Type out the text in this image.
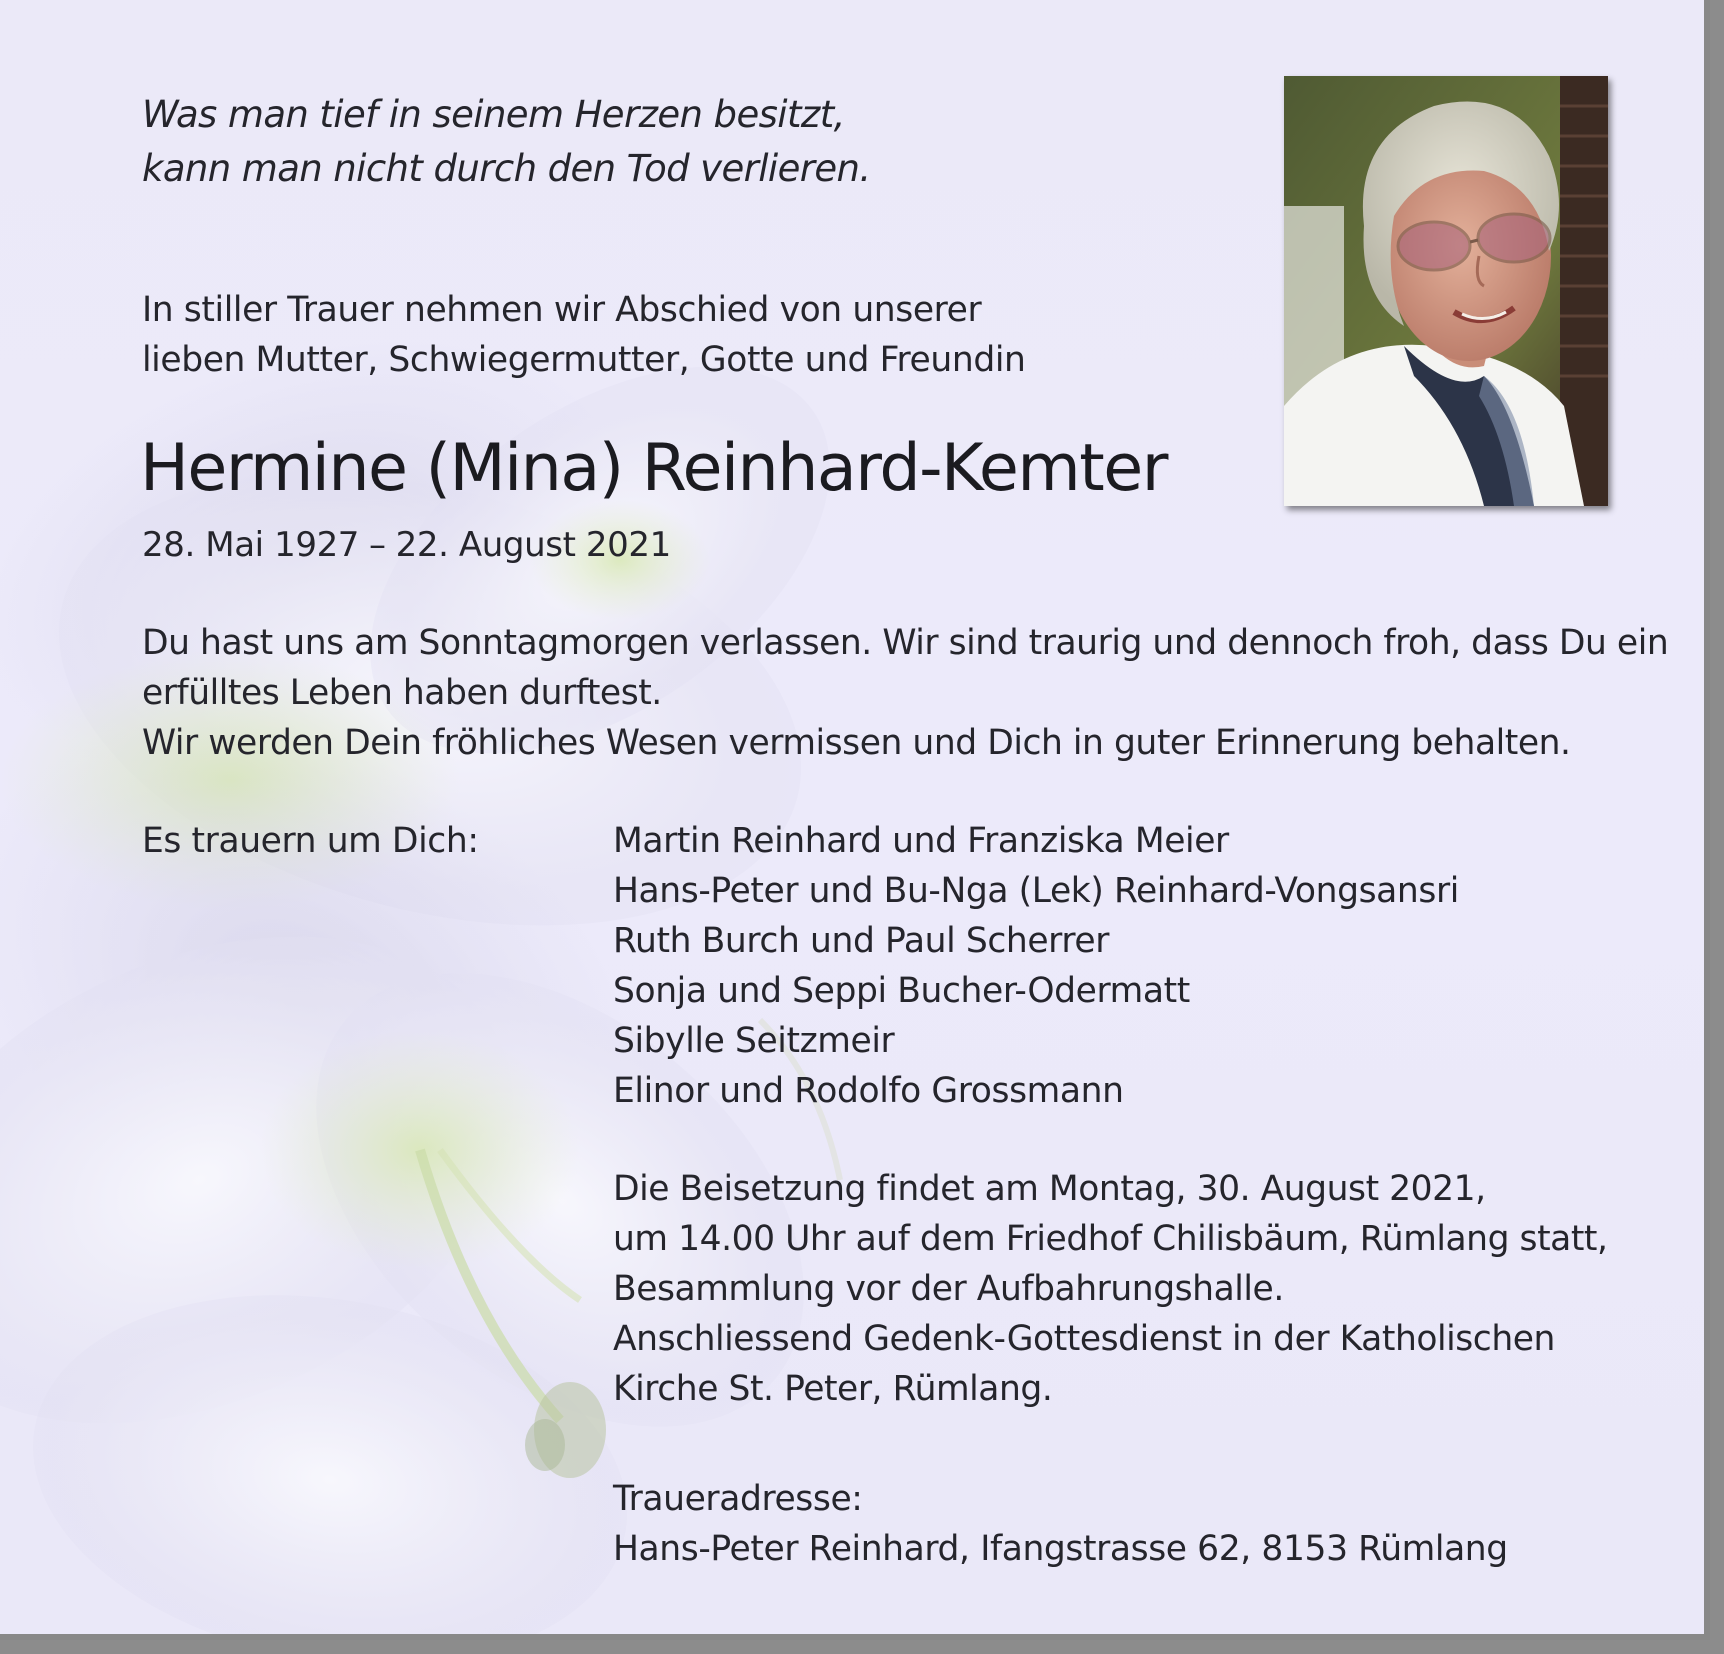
Was man tief in seinem Herzen besitzt,
kann man nicht durch den Tod verlieren.
In stiller Trauer nehmen wir Abschied von unserer
lieben Mutter, Schwiegermutter, Gotte und Freundin
Hermine (Mina) Reinhard-Kemter
28. Mai 1927 – 22. August 2021

Du hast uns am Sonntagmorgen verlassen. Wir sind traurig und dennoch froh, dass Du ein erfülltes Leben haben durftest.

Wir werden Dein fröhliches Wesen vermissen und Dich in guter Erinnerung behalten.

Es trauern um Dich:	Martin Reinhard und Franziska Meier
Hans-Peter und Bu-Nga (Lek) Reinhard-Vongsansri
Ruth Burch und Paul Scherrer
Sonja und Seppi Bucher-Odermatt
Sibylle Seitzmeir
Elinor und Rodolfo Grossmann
Die Beisetzung findet am Montag, 30. August 2021,
um 14.00 Uhr auf dem Friedhof Chilisbäum, Rümlang statt,
Besammlung vor der Aufbahrungshalle.
Anschliessend Gedenk-Gottesdienst in der Katholischen
Kirche St. Peter, Rümlang.
Traueradresse:
Hans-Peter Reinhard, Ifangstrasse 62, 8153 Rümlang
